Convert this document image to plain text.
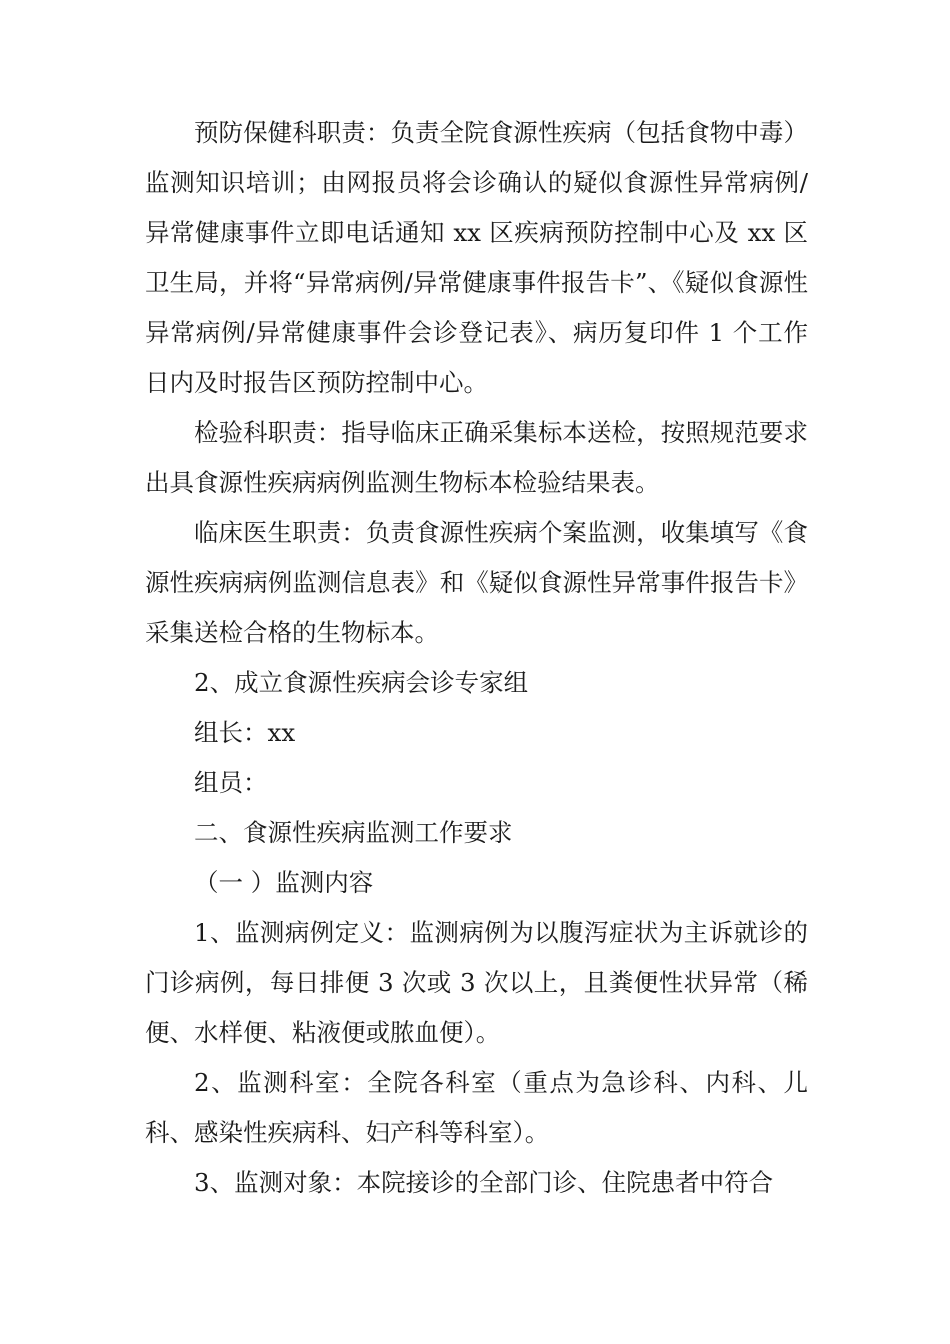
预防保健科职责：负责全院食源性疾病（包括食物中毒）监测知识培训；由网报员将会诊确认的疑似食源性异常病例/异常健康事件立即电话通知 xx 区疾病预防控制中心及 xx 区卫生局，并将“异常病例/异常健康事件报告卡”、《疑似食源性异常病例/异常健康事件会诊登记表》、病历复印件 1 个工作日内及时报告区预防控制中心。

检验科职责：指导临床正确采集标本送检，按照规范要求出具食源性疾病病例监测生物标本检验结果表。

临床医生职责：负责食源性疾病个案监测，收集填写《食源性疾病病例监测信息表》和《疑似食源性异常事件报告卡》采集送检合格的生物标本。

2、成立食源性疾病会诊专家组

组长：xx

组员：

二、食源性疾病监测工作要求

（一 ）监测内容

1、监测病例定义：监测病例为以腹泻症状为主诉就诊的门诊病例，每日排便 3 次或 3 次以上，且粪便性状异常（稀便、水样便、粘液便或脓血便）。

2、监测科室：全院各科室（重点为急诊科、内科、儿科、感染性疾病科、妇产科等科室）。

3、监测对象：本院接诊的全部门诊、住院患者中符合
